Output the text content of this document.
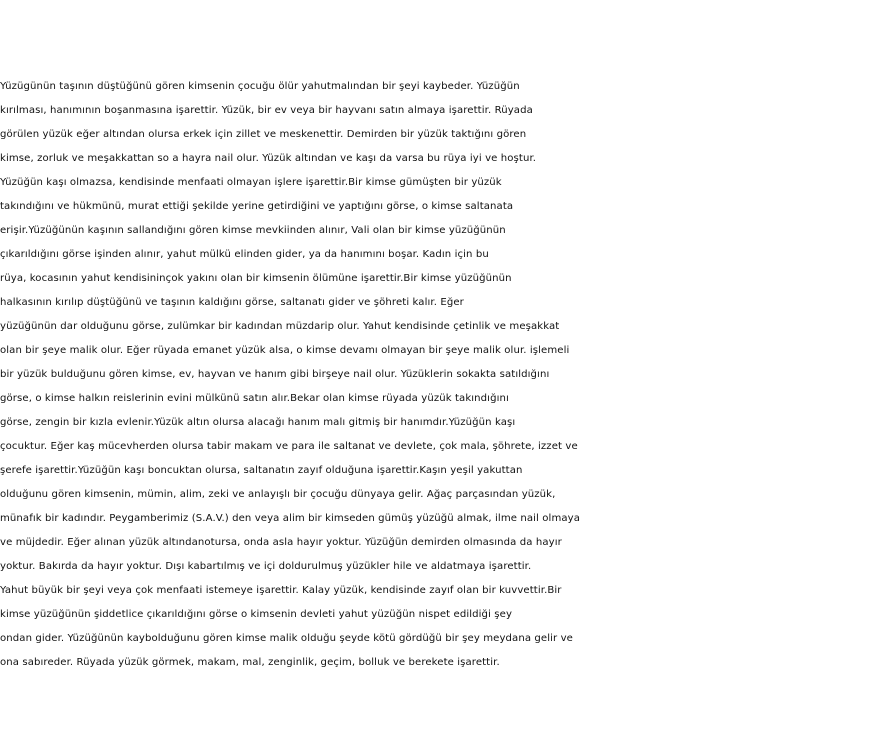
Yüzügünün taşının düştüğünü gören kimsenin çocuğu ölür yahutmalından bir şeyi kaybeder. Yüzüğün
kırılması, hanımının boşanmasına işarettir. Yüzük, bir ev veya bir hayvanı satın almaya işarettir. Rüyada
görülen yüzük eğer altından olursa erkek için zillet ve meskenettir. Demirden bir yüzük taktığını gören
kimse, zorluk ve meşakkattan so a hayra nail olur. Yüzük altından ve kaşı da varsa bu rüya iyi ve hoştur.
Yüzüğün kaşı olmazsa, kendisinde menfaati olmayan işlere işarettir.Bir kimse gümüşten bir yüzük
takındığını ve hükmünü, murat ettiği şekilde yerine getirdiğini ve yaptığını görse, o kimse saltanata
erişir.Yüzüğünün kaşının sallandığını gören kimse mevkiinden alınır, Vali olan bir kimse yüzüğünün
çıkarıldığını görse işinden alınır, yahut mülkü elinden gider, ya da hanımını boşar. Kadın için bu
rüya, kocasının yahut kendisininçok yakını olan bir kimsenin ölümüne işarettir.Bir kimse yüzüğünün
halkasının kırılıp düştüğünü ve taşının kaldığını görse, saltanatı gider ve şöhreti kalır. Eğer
yüzüğünün dar olduğunu görse, zulümkar bir kadından müzdarip olur. Yahut kendisinde çetinlik ve meşakkat
olan bir şeye malik olur. Eğer rüyada emanet yüzük alsa, o kimse devamı olmayan bir şeye malik olur. işlemeli
bir yüzük bulduğunu gören kimse, ev, hayvan ve hanım gibi birşeye nail olur. Yüzüklerin sokakta satıldığını
görse, o kimse halkın reislerinin evini mülkünü satın alır.Bekar olan kimse rüyada yüzük takındığını
görse, zengin bir kızla evlenir.Yüzük altın olursa alacağı hanım malı gitmiş bir hanımdır.Yüzüğün kaşı
çocuktur. Eğer kaş mücevherden olursa tabir makam ve para ile saltanat ve devlete, çok mala, şöhrete, izzet ve
şerefe işarettir.Yüzüğün kaşı boncuktan olursa, saltanatın zayıf olduğuna işarettir.Kaşın yeşil yakuttan
olduğunu gören kimsenin, mümin, alim, zeki ve anlayışlı bir çocuğu dünyaya gelir. Ağaç parçasından yüzük,
münafık bir kadındır. Peygamberimiz (S.A.V.) den veya alim bir kimseden gümüş yüzüğü almak, ilme nail olmaya
ve müjdedir. Eğer alınan yüzük altındanotursa, onda asla hayır yoktur. Yüzüğün demirden olmasında da hayır
yoktur. Bakırda da hayır yoktur. Dışı kabartılmış ve içi doldurulmuş yüzükler hile ve aldatmaya işarettir.
Yahut büyük bir şeyi veya çok menfaati istemeye işarettir. Kalay yüzük, kendisinde zayıf olan bir kuvvettir.Bir
kimse yüzüğünün şiddetlice çıkarıldığını görse o kimsenin devleti yahut yüzüğün nispet edildiği şey
ondan gider. Yüzüğünün kaybolduğunu gören kimse malik olduğu şeyde kötü gördüğü bir şey meydana gelir ve
ona sabıreder. Rüyada yüzük görmek, makam, mal, zenginlik, geçim, bolluk ve berekete işarettir.
